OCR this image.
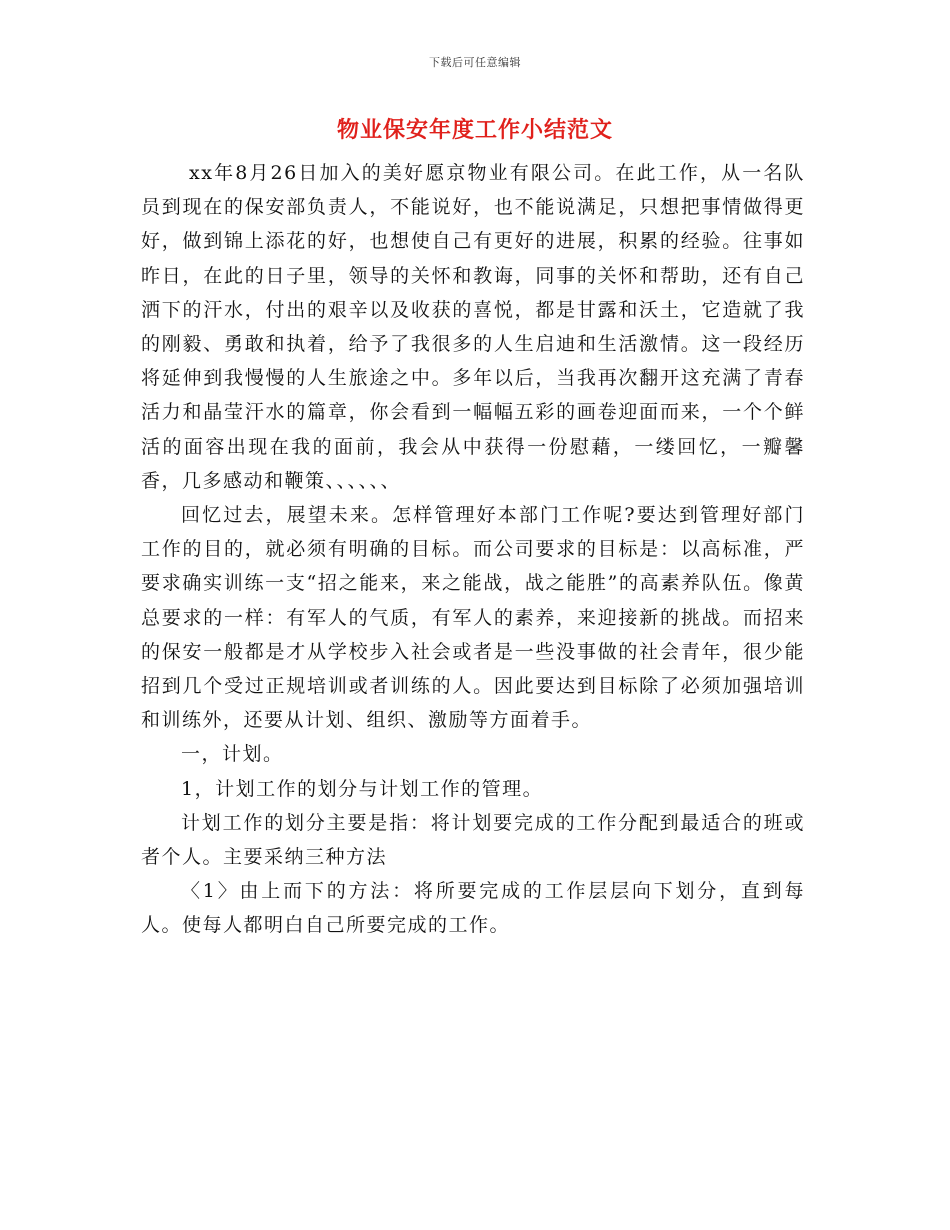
下载后可任意编辑
物业保安年度工作小结范文

xx年8月26日加入的美好愿京物业有限公司。在此工作，从一名队员到现在的保安部负责人，不能说好，也不能说满足，只想把事情做得更好，做到锦上添花的好，也想使自己有更好的进展，积累的经验。往事如昨日，在此的日子里，领导的关怀和教诲，同事的关怀和帮助，还有自己洒下的汗水，付出的艰辛以及收获的喜悦，都是甘露和沃土，它造就了我的刚毅、勇敢和执着，给予了我很多的人生启迪和生活激情。这一段经历将延伸到我慢慢的人生旅途之中。多年以后，当我再次翻开这充满了青春活力和晶莹汗水的篇章，你会看到一幅幅五彩的画卷迎面而来，一个个鲜活的面容出现在我的面前，我会从中获得一份慰藉，一缕回忆，一瓣馨香，几多感动和鞭策、、、、、、

回忆过去，展望未来。怎样管理好本部门工作呢?要达到管理好部门工作的目的，就必须有明确的目标。而公司要求的目标是：以高标准，严要求确实训练一支“招之能来，来之能战，战之能胜”的高素养队伍。像黄总要求的一样：有军人的气质，有军人的素养，来迎接新的挑战。而招来的保安一般都是才从学校步入社会或者是一些没事做的社会青年，很少能招到几个受过正规培训或者训练的人。因此要达到目标除了必须加强培训和训练外，还要从计划、组织、激励等方面着手。

一，计划。

1，计划工作的划分与计划工作的管理。

计划工作的划分主要是指：将计划要完成的工作分配到最适合的班或者个人。主要采纳三种方法

〈1〉由上而下的方法：将所要完成的工作层层向下划分，直到每人。使每人都明白自己所要完成的工作。
